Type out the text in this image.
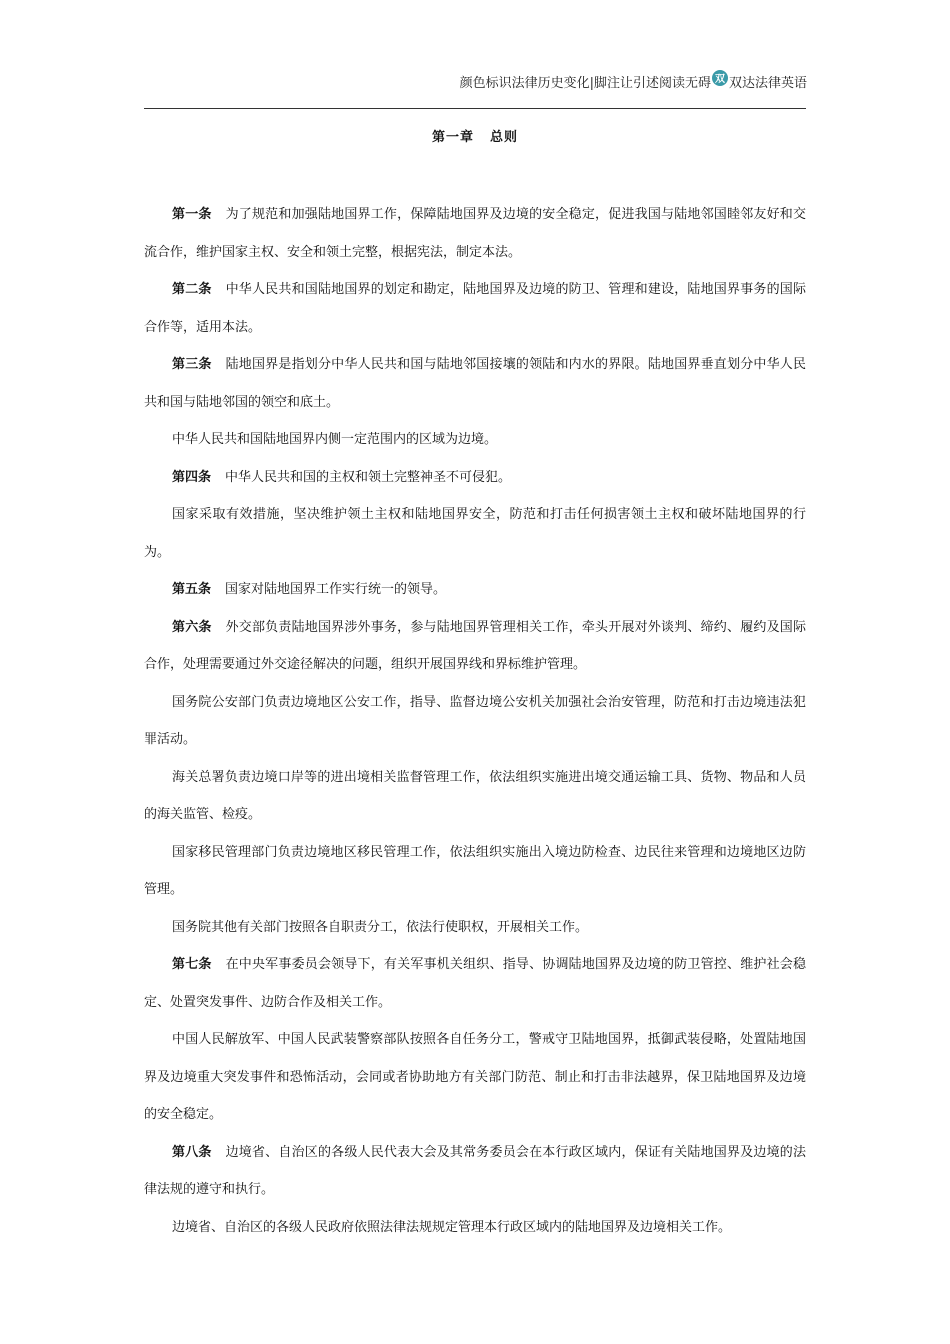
颜色标识法律历史变化|脚注让引述阅读无碍 双 双达法律英语
第一章 总则

第一条 为了规范和加强陆地国界工作，保障陆地国界及边境的安全稳定，促进我国与陆地邻国睦邻友好和交流合作，维护国家主权、安全和领土完整，根据宪法，制定本法。

第二条 中华人民共和国陆地国界的划定和勘定，陆地国界及边境的防卫、管理和建设，陆地国界事务的国际合作等，适用本法。

第三条 陆地国界是指划分中华人民共和国与陆地邻国接壤的领陆和内水的界限。陆地国界垂直划分中华人民共和国与陆地邻国的领空和底土。

中华人民共和国陆地国界内侧一定范围内的区域为边境。

第四条 中华人民共和国的主权和领土完整神圣不可侵犯。

国家采取有效措施，坚决维护领土主权和陆地国界安全，防范和打击任何损害领土主权和破坏陆地国界的行为。

第五条 国家对陆地国界工作实行统一的领导。

第六条 外交部负责陆地国界涉外事务，参与陆地国界管理相关工作，牵头开展对外谈判、缔约、履约及国际合作，处理需要通过外交途径解决的问题，组织开展国界线和界标维护管理。

国务院公安部门负责边境地区公安工作，指导、监督边境公安机关加强社会治安管理，防范和打击边境违法犯罪活动。

海关总署负责边境口岸等的进出境相关监督管理工作，依法组织实施进出境交通运输工具、货物、物品和人员的海关监管、检疫。

国家移民管理部门负责边境地区移民管理工作，依法组织实施出入境边防检查、边民往来管理和边境地区边防管理。

国务院其他有关部门按照各自职责分工，依法行使职权，开展相关工作。

第七条 在中央军事委员会领导下，有关军事机关组织、指导、协调陆地国界及边境的防卫管控、维护社会稳定、处置突发事件、边防合作及相关工作。

中国人民解放军、中国人民武装警察部队按照各自任务分工，警戒守卫陆地国界，抵御武装侵略，处置陆地国界及边境重大突发事件和恐怖活动，会同或者协助地方有关部门防范、制止和打击非法越界，保卫陆地国界及边境的安全稳定。

第八条 边境省、自治区的各级人民代表大会及其常务委员会在本行政区域内，保证有关陆地国界及边境的法律法规的遵守和执行。

边境省、自治区的各级人民政府依照法律法规规定管理本行政区域内的陆地国界及边境相关工作。
